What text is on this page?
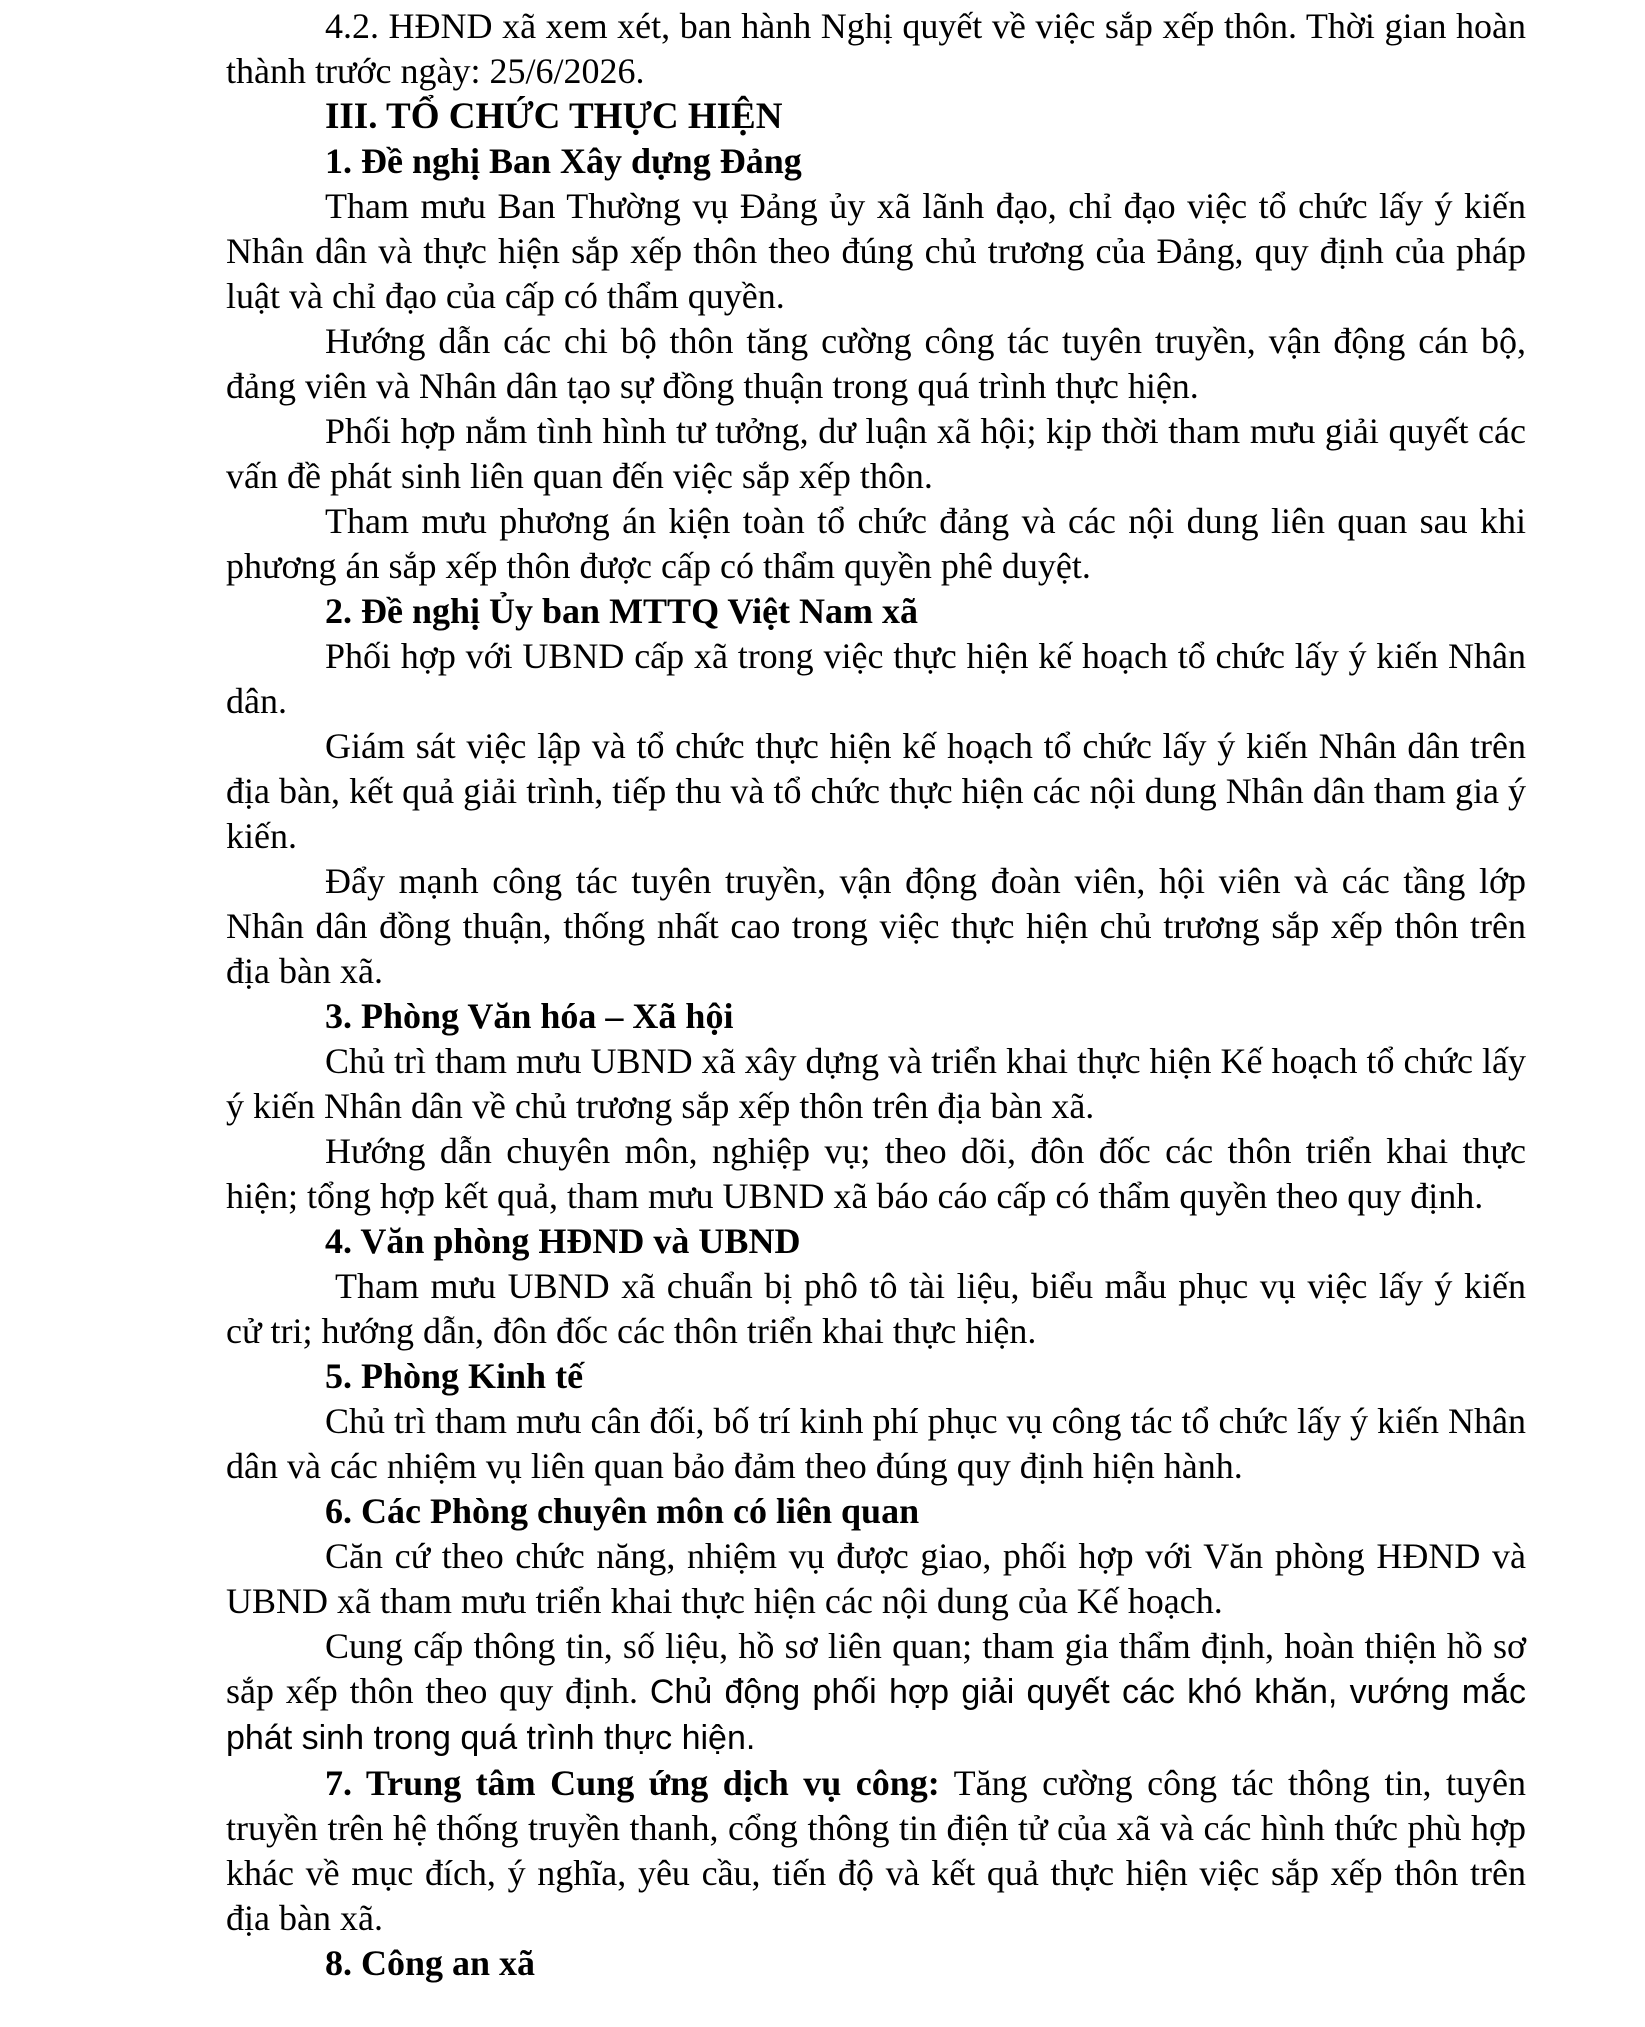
4.2. HĐND xã xem xét, ban hành Nghị quyết về việc sắp xếp thôn. Thời gian hoàn thành trước ngày: 25/6/2026.

III. TỔ CHỨC THỰC HIỆN
1. Đề nghị Ban Xây dựng Đảng

Tham mưu Ban Thường vụ Đảng ủy xã lãnh đạo, chỉ đạo việc tổ chức lấy ý kiến Nhân dân và thực hiện sắp xếp thôn theo đúng chủ trương của Đảng, quy định của pháp luật và chỉ đạo của cấp có thẩm quyền.

Hướng dẫn các chi bộ thôn tăng cường công tác tuyên truyền, vận động cán bộ, đảng viên và Nhân dân tạo sự đồng thuận trong quá trình thực hiện.

Phối hợp nắm tình hình tư tưởng, dư luận xã hội; kịp thời tham mưu giải quyết các vấn đề phát sinh liên quan đến việc sắp xếp thôn.

Tham mưu phương án kiện toàn tổ chức đảng và các nội dung liên quan sau khi phương án sắp xếp thôn được cấp có thẩm quyền phê duyệt.

2. Đề nghị Ủy ban MTTQ Việt Nam xã

Phối hợp với UBND cấp xã trong việc thực hiện kế hoạch tổ chức lấy ý kiến Nhân dân.

Giám sát việc lập và tổ chức thực hiện kế hoạch tổ chức lấy ý kiến Nhân dân trên địa bàn, kết quả giải trình, tiếp thu và tổ chức thực hiện các nội dung Nhân dân tham gia ý kiến.

Đẩy mạnh công tác tuyên truyền, vận động đoàn viên, hội viên và các tầng lớp Nhân dân đồng thuận, thống nhất cao trong việc thực hiện chủ trương sắp xếp thôn trên địa bàn xã.

3. Phòng Văn hóa – Xã hội

Chủ trì tham mưu UBND xã xây dựng và triển khai thực hiện Kế hoạch tổ chức lấy ý kiến Nhân dân về chủ trương sắp xếp thôn trên địa bàn xã.

Hướng dẫn chuyên môn, nghiệp vụ; theo dõi, đôn đốc các thôn triển khai thực hiện; tổng hợp kết quả, tham mưu UBND xã báo cáo cấp có thẩm quyền theo quy định.

4. Văn phòng HĐND và UBND

Tham mưu UBND xã chuẩn bị phô tô tài liệu, biểu mẫu phục vụ việc lấy ý kiến cử tri; hướng dẫn, đôn đốc các thôn triển khai thực hiện.

5. Phòng Kinh tế

Chủ trì tham mưu cân đối, bố trí kinh phí phục vụ công tác tổ chức lấy ý kiến Nhân dân và các nhiệm vụ liên quan bảo đảm theo đúng quy định hiện hành.

6. Các Phòng chuyên môn có liên quan

Căn cứ theo chức năng, nhiệm vụ được giao, phối hợp với Văn phòng HĐND và UBND xã tham mưu triển khai thực hiện các nội dung của Kế hoạch.

Cung cấp thông tin, số liệu, hồ sơ liên quan; tham gia thẩm định, hoàn thiện hồ sơ sắp xếp thôn theo quy định. Chủ động phối hợp giải quyết các khó khăn, vướng mắc phát sinh trong quá trình thực hiện.

7. Trung tâm Cung ứng dịch vụ công: Tăng cường công tác thông tin, tuyên truyền trên hệ thống truyền thanh, cổng thông tin điện tử của xã và các hình thức phù hợp khác về mục đích, ý nghĩa, yêu cầu, tiến độ và kết quả thực hiện việc sắp xếp thôn trên địa bàn xã.

8. Công an xã
